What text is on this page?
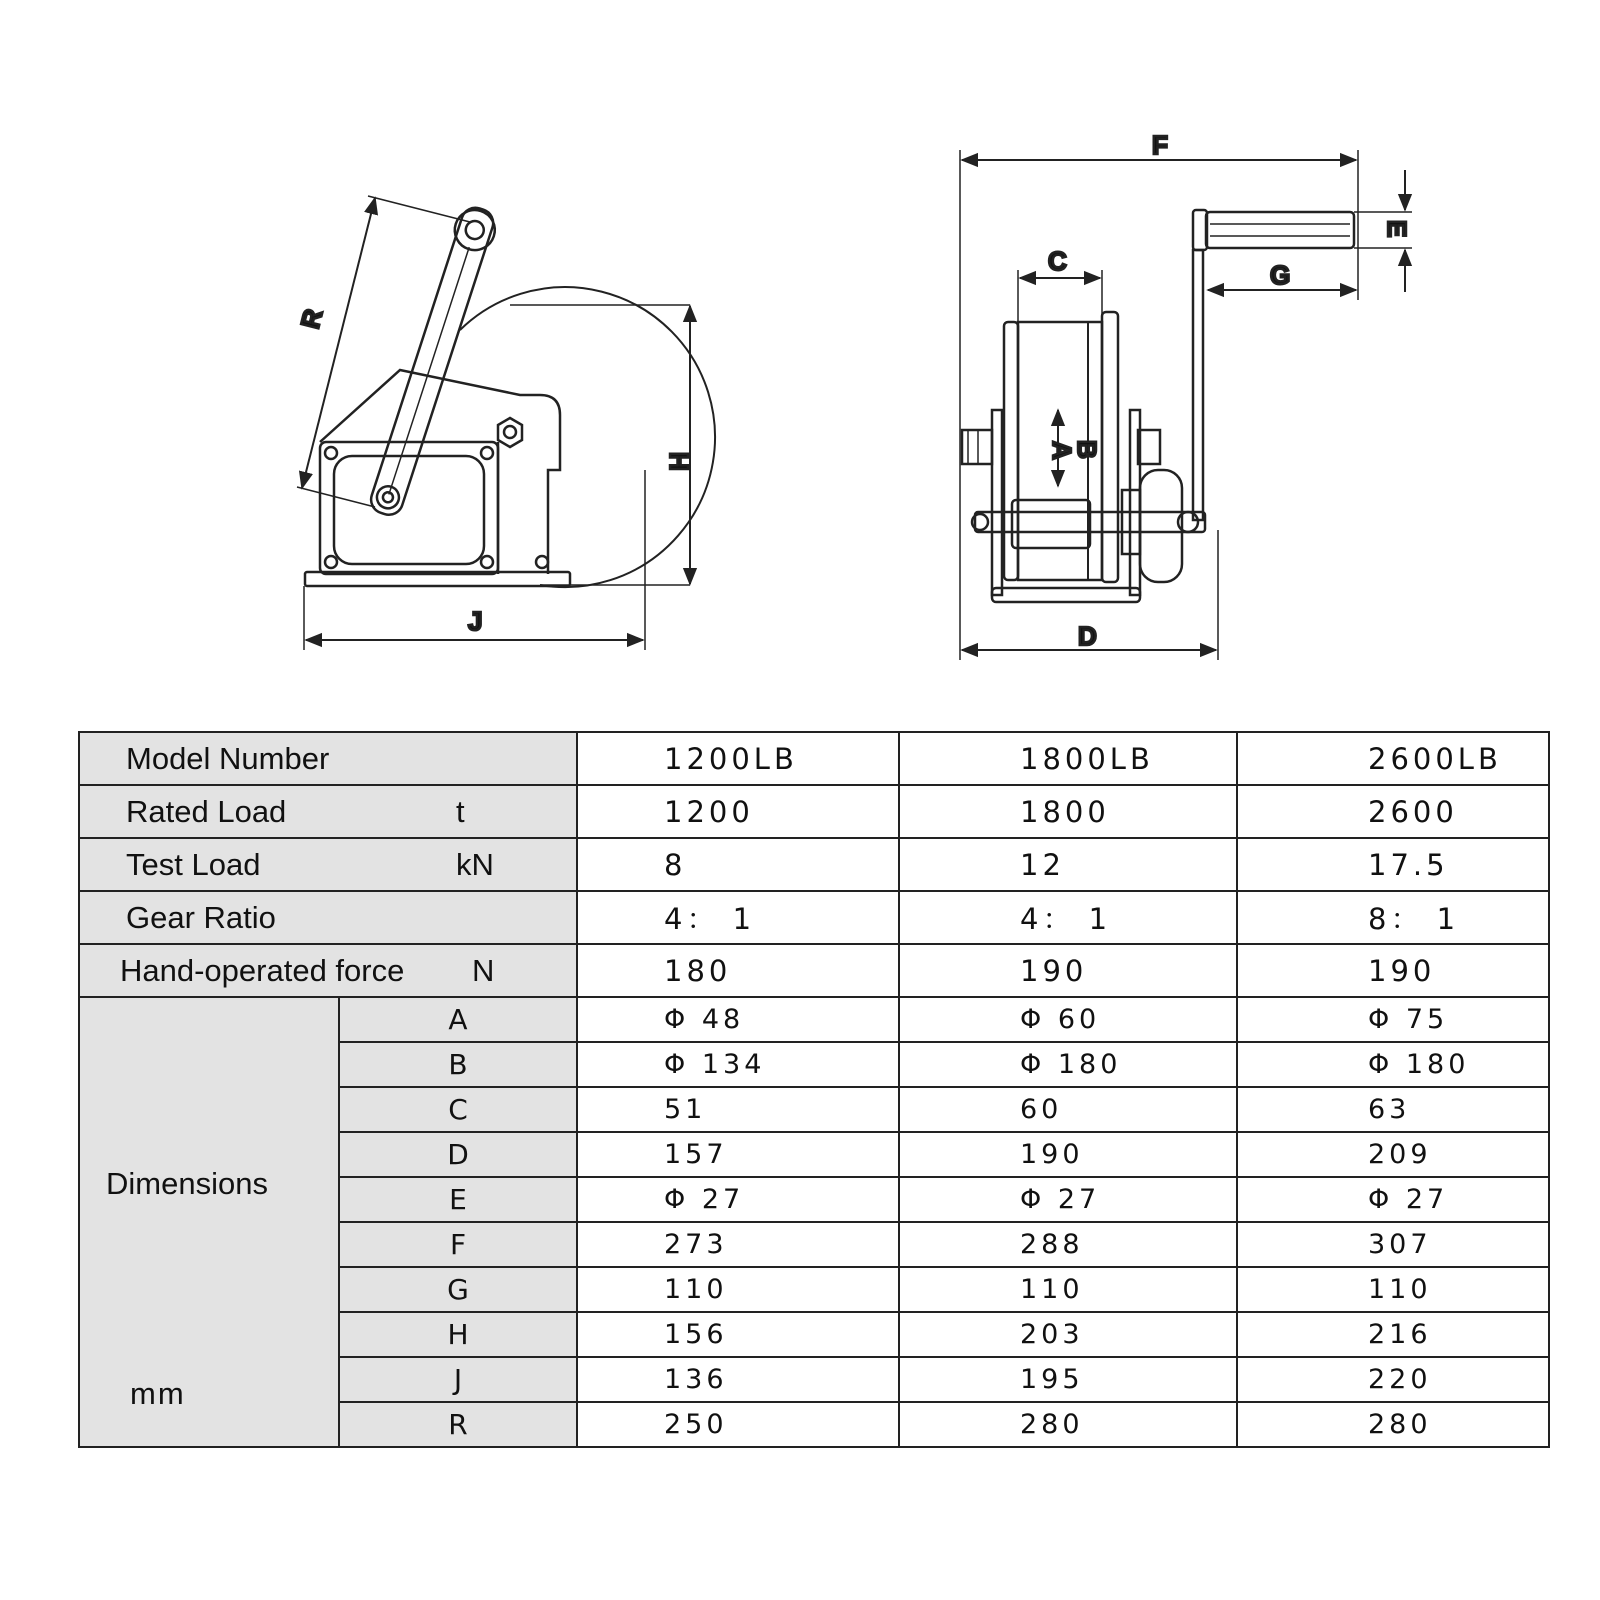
R
H
J
F
E
G
C
A
B
D
Model Number		1200LB	1800LB	2600LB
Rated Load t		1200	1800	2600
Test Load kN		8	12	17.5
Gear Ratio		4： 1	4： 1	8： 1
Hand-operated force N		180	190	190

Dimensions
mm	A	Φ 48	Φ 60	Φ 75
	B	Φ 134	Φ 180	Φ 180
	C	51	60	63
	D	157	190	209
	E	Φ 27	Φ 27	Φ 27
	F	273	288	307
	G	110	110	110
	H	156	203	216
	J	136	195	220
	R	250	280	280
